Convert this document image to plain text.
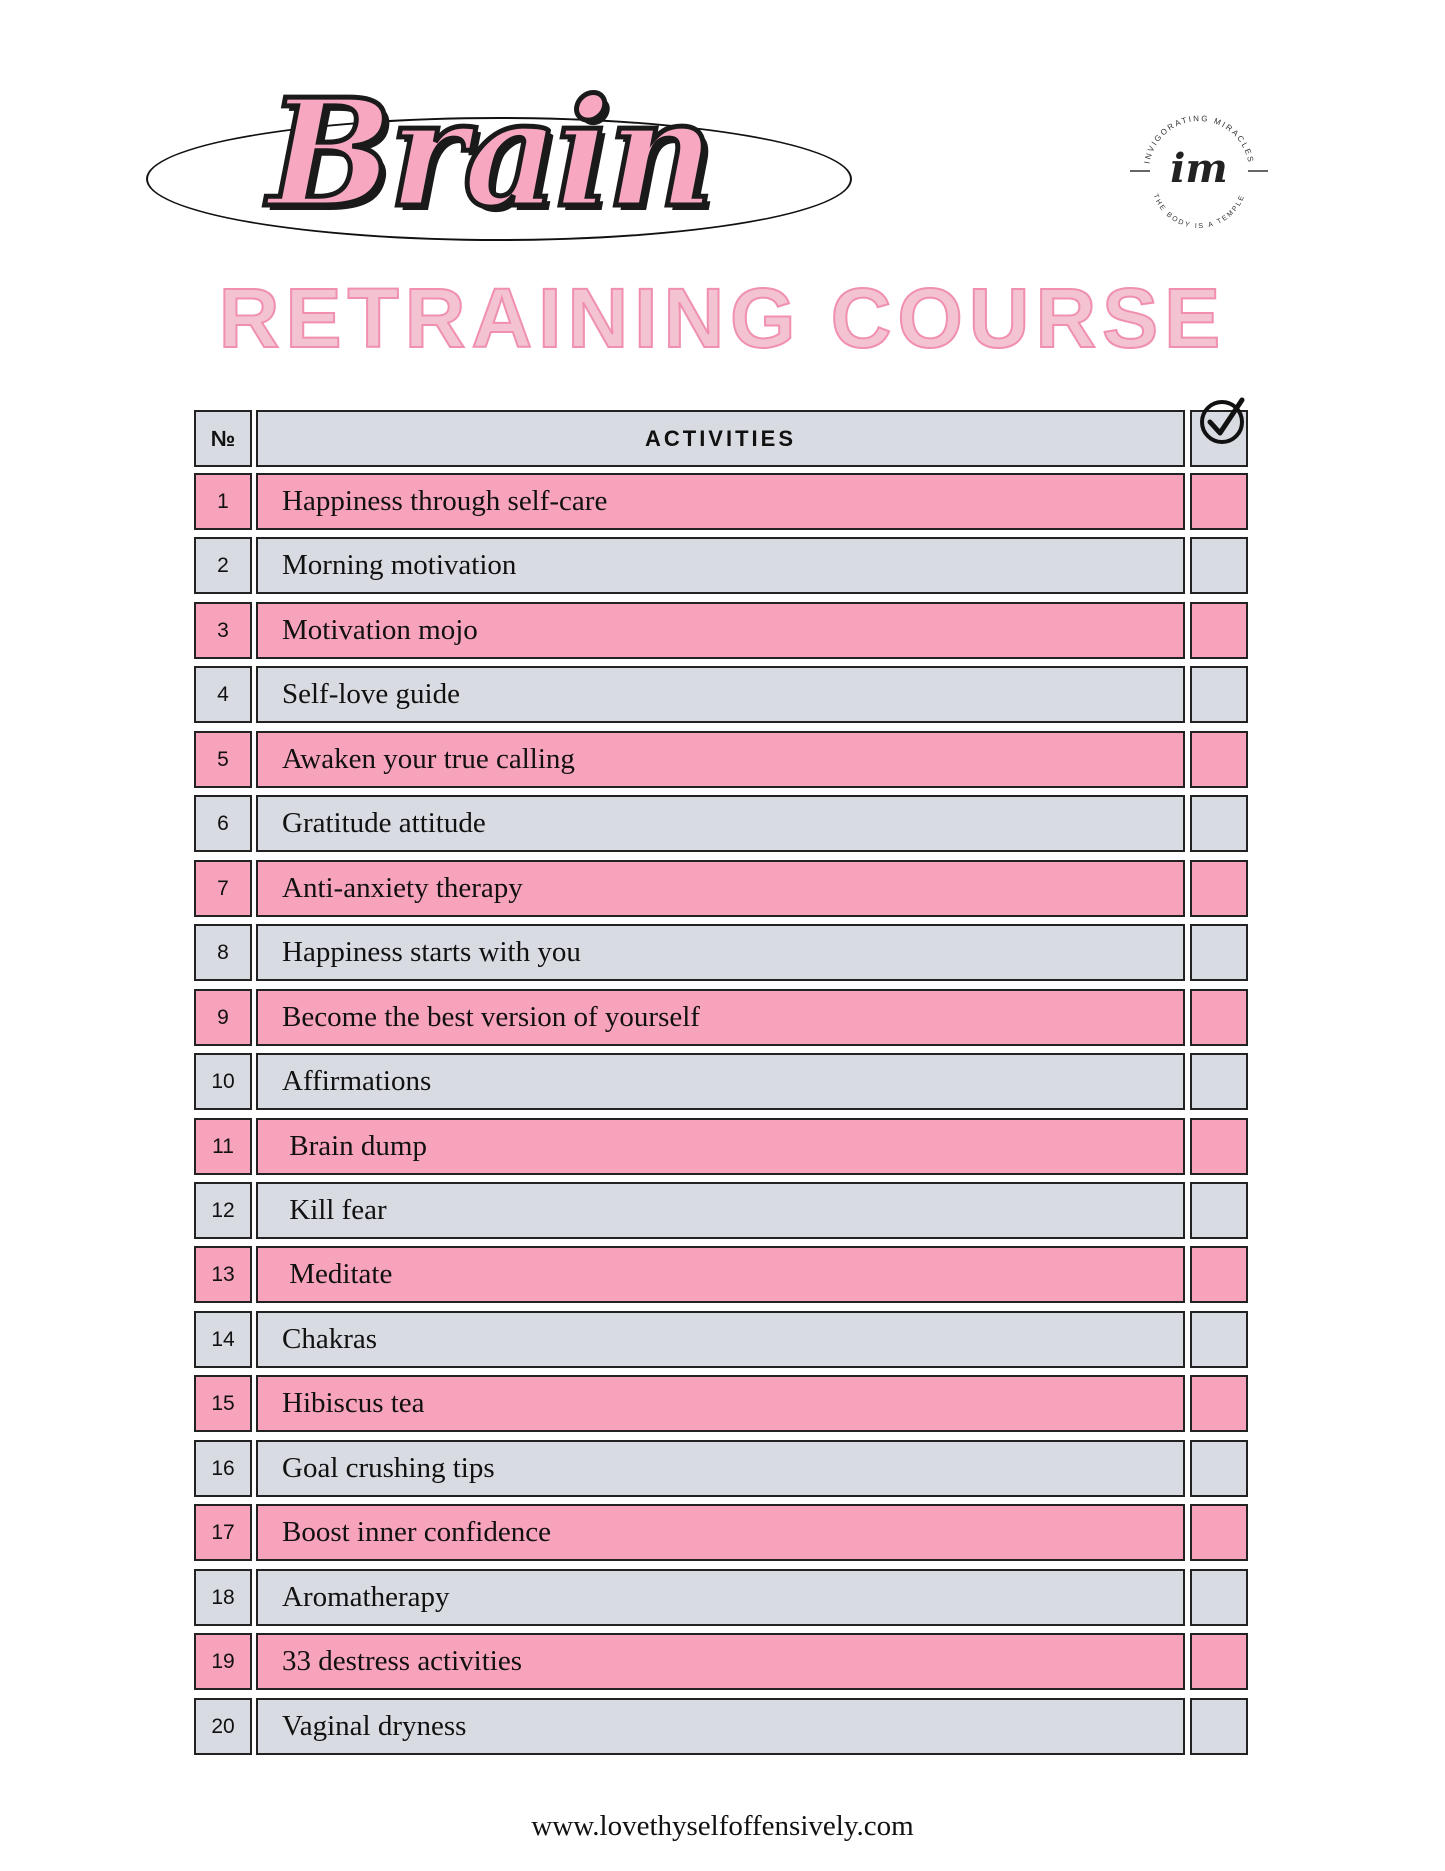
Brain	INVIGORATING MIRACLES
THE BODY IS A TEMPLE
im
RETRAINING COURSE
№	ACTIVITIES
1	Happiness through self-care
2	Morning motivation
3	Motivation mojo
4	Self-love guide
5	Awaken your true calling
6	Gratitude attitude
7	Anti-anxiety therapy
8	Happiness starts with you
9	Become the best version of yourself
10	Affirmations
11	Brain dump
12	Kill fear
13	Meditate
14	Chakras
15	Hibiscus tea
16	Goal crushing tips
17	Boost inner confidence
18	Aromatherapy
19	33 destress activities
20	Vaginal dryness
www.lovethyselfoffensively.com
